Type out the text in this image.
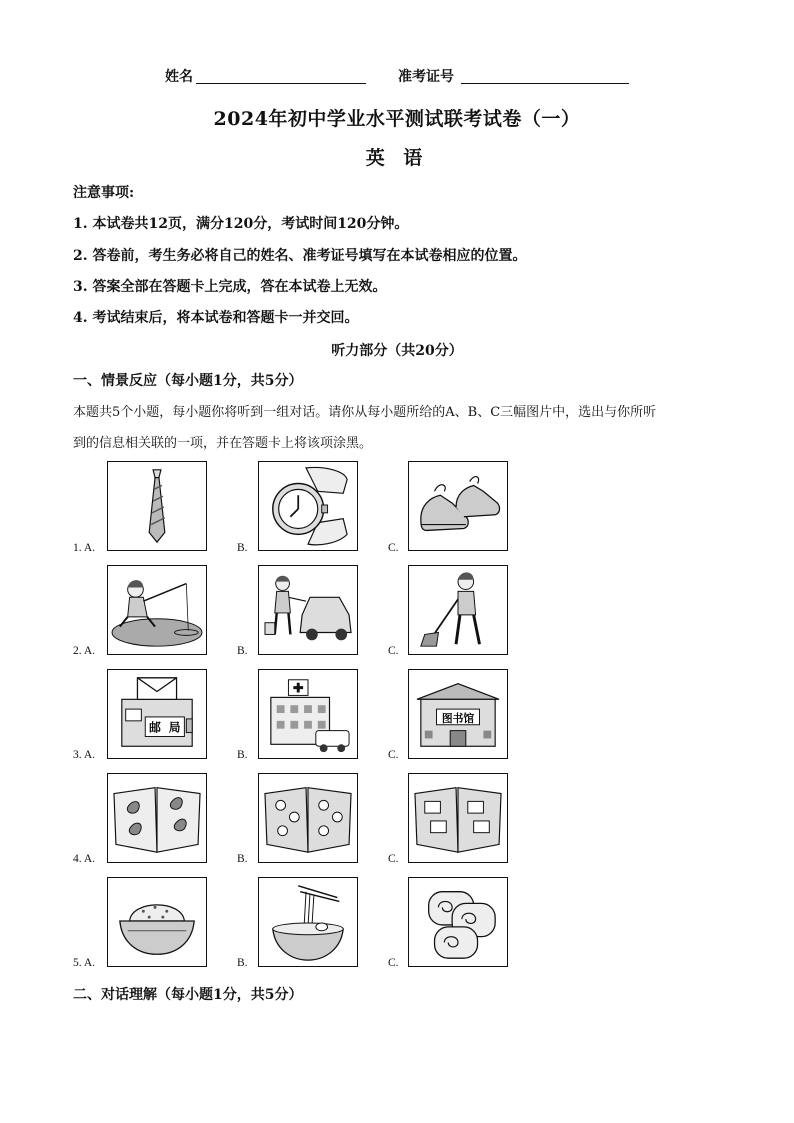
姓名	准考证号
2024年初中学业水平测试联考试卷（一）
英 语
注意事项:
1. 本试卷共12页，满分120分，考试时间120分钟。
2. 答卷前，考生务必将自己的姓名、准考证号填写在本试卷相应的位置。
3. 答案全部在答题卡上完成，答在本试卷上无效。
4. 考试结束后，将本试卷和答题卡一并交回。
听力部分（共20分）
一、情景反应（每小题1分，共5分）
本题共5个小题，每小题你将听到一组对话。请你从每小题所给的A、B、C三幅图片中，选出与你所听
到的信息相关联的一项，并在答题卡上将该项涂黑。
1. A.	B.	C.
2. A.	B.	C.
3. A.
邮 局
B.	C.
图书馆
4. A.	B.	C.
5. A.	B.	C.
二、对话理解（每小题1分，共5分）
